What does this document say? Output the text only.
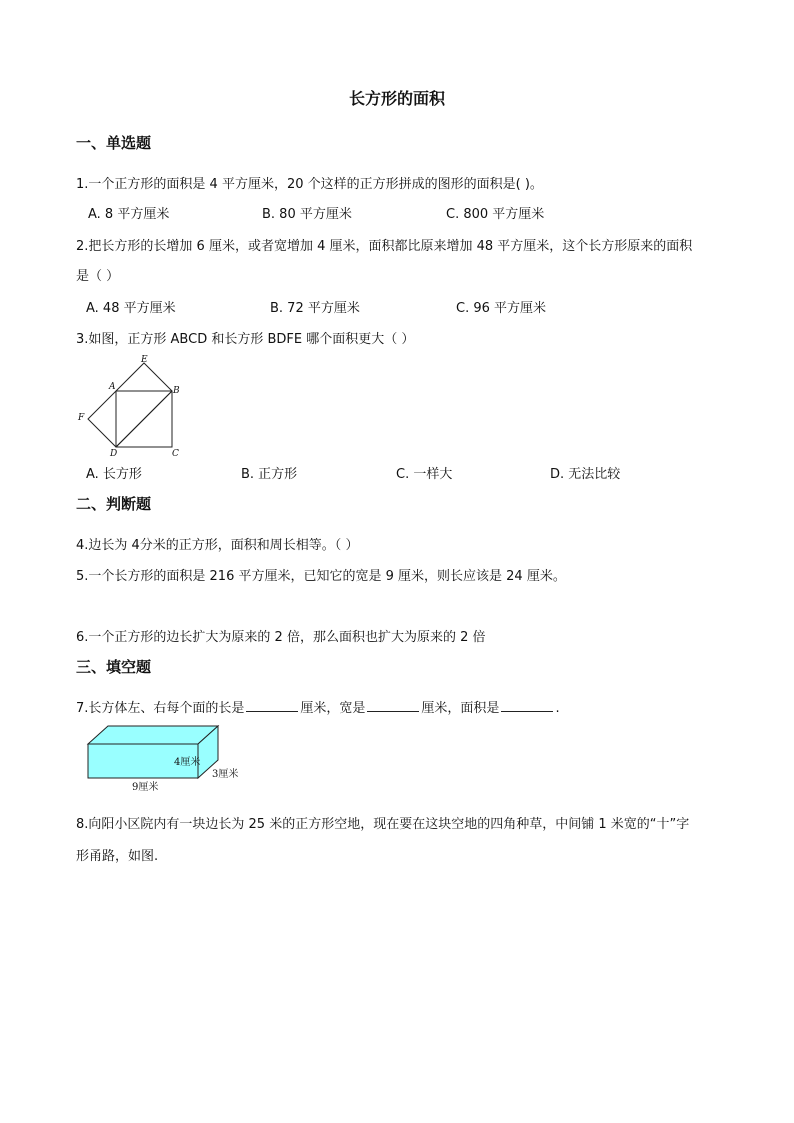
长方形的面积
一、单选题
1.一个正方形的面积是 4 平方厘米，20 个这样的正方形拼成的图形的面积是( )。
A. 8 平方厘米	B. 80 平方厘米	C. 800 平方厘米
2.把长方形的长增加 6 厘米，或者宽增加 4 厘米，面积都比原来增加 48 平方厘米，这个长方形原来的面积
是（ ）
A. 48 平方厘米	B. 72 平方厘米	C. 96 平方厘米
3.如图，正方形 ABCD 和长方形 BDFE 哪个面积更大（ ）
E
A	B
F
D	C
A. 长方形	B. 正方形	C. 一样大	D. 无法比较
二、判断题
4.边长为 4分米的正方形，面积和周长相等。（ ）
5.一个长方形的面积是 216 平方厘米，已知它的宽是 9 厘米，则长应该是 24 厘米。
6.一个正方形的边长扩大为原来的 2 倍，那么面积也扩大为原来的 2 倍
三、填空题
7.长方体左、右每个面的长是	厘米，宽是	厘米，面积是	.
4厘米
3厘米
9厘米
8.向阳小区院内有一块边长为 25 米的正方形空地，现在要在这块空地的四角种草，中间铺 1 米宽的“十”字
形甬路，如图.
